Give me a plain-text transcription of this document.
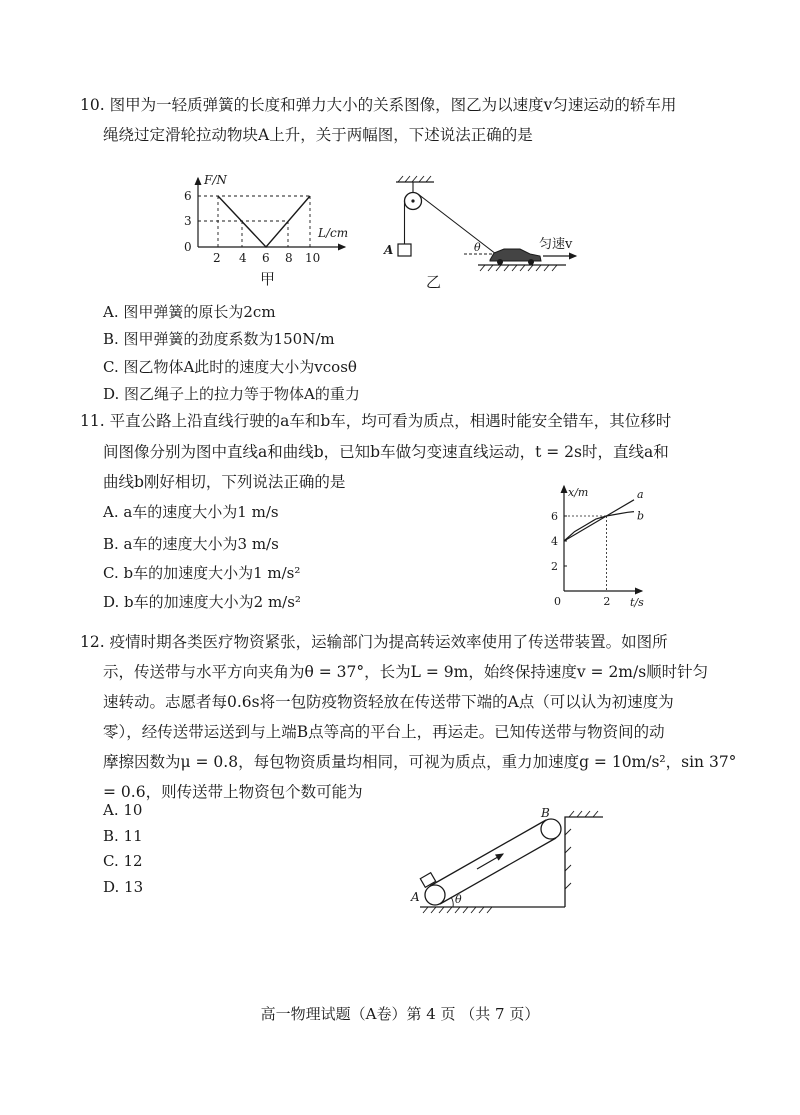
10. 图甲为一轻质弹簧的长度和弹力大小的关系图像，图乙为以速度v匀速运动的轿车用
绳绕过定滑轮拉动物块A上升，关于两幅图，下述说法正确的是
F/N
L/cm
6
3
0
2 4 6 8 10
甲
A	θ	匀速v
乙
A. 图甲弹簧的原长为2cm
B. 图甲弹簧的劲度系数为150N/m
C. 图乙物体A此时的速度大小为vcosθ
D. 图乙绳子上的拉力等于物体A的重力
11. 平直公路上沿直线行驶的a车和b车，均可看为质点，相遇时能安全错车，其位移时
间图像分别为图中直线a和曲线b，已知b车做匀变速直线运动，t = 2s时，直线a和
曲线b刚好相切，下列说法正确的是
A. a车的速度大小为1 m/s
B. a车的速度大小为3 m/s
C. b车的加速度大小为1 m/s²
D. b车的加速度大小为2 m/s²
x/m
t/s
2
4
6
0	2
a
b
12. 疫情时期各类医疗物资紧张，运输部门为提高转运效率使用了传送带装置。如图所
示，传送带与水平方向夹角为θ = 37°，长为L = 9m，始终保持速度v = 2m/s顺时针匀
速转动。志愿者每0.6s将一包防疫物资轻放在传送带下端的A点（可以认为初速度为
零），经传送带运送到与上端B点等高的平台上，再运走。已知传送带与物资间的动
摩擦因数为μ = 0.8，每包物资质量均相同，可视为质点，重力加速度g = 10m/s²，sin 37°
= 0.6，则传送带上物资包个数可能为
A. 10
B. 11
C. 12
D. 13
θ
A
B
高一物理试题（A卷）第 4 页 （共 7 页）
